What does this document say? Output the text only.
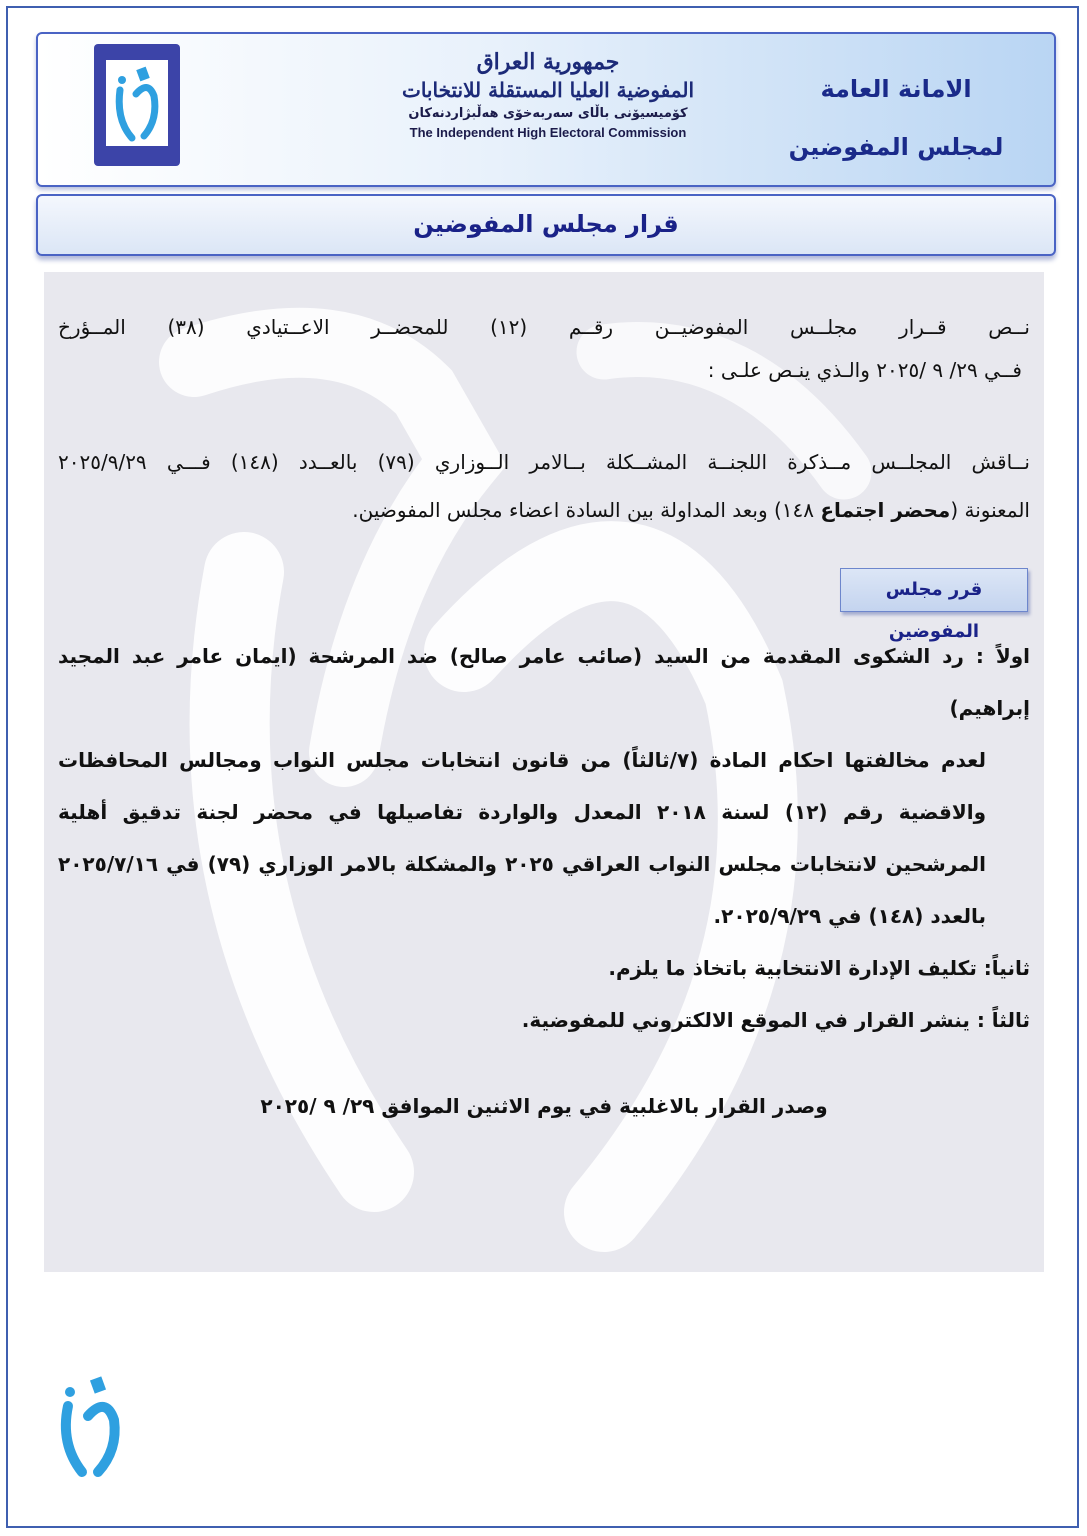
جمهورية العراق
المفوضية العليا المستقلة للانتخابات
كۆمیسیۆنی باڵای سەربەخۆی هەڵبژاردنەکان
The Independent High Electoral Commission
الامانة العامة
لمجلس المفوضين
قرار مجلس المفوضين
نــص قــرار مجلــس المفوضيــن رقــم (١٢) للمحضــر الاعــتيادي (٣٨) المــؤرخ
فــي ٢٩/ ٩ /٢٠٢٥ والـذي ينـص علـى :
نــاقش المجلــس مــذكرة اللجنــة المشــكلة بــالامر الــوزاري (٧٩) بالعــدد (١٤٨) فـــي ٢٠٢٥/٩/٢٩
المعنونة (محضر اجتماع ١٤٨) وبعد المداولة بين السادة اعضاء مجلس المفوضين.
قرر مجلس المفوضين
اولاً : رد الشكوى المقدمة من السيد (صائب عامر صالح) ضد المرشحة (ايمان عامر عبد المجيد إبراهيم)
لعدم مخالفتها احكام المادة (٧/ثالثاً) من قانون انتخابات مجلس النواب ومجالس المحافظات والاقضية رقم (١٢) لسنة ٢٠١٨ المعدل والواردة تفاصيلها في محضر لجنة تدقيق أهلية المرشحين لانتخابات مجلس النواب العراقي ٢٠٢٥ والمشكلة بالامر الوزاري (٧٩) في ٢٠٢٥/٧/١٦ بالعدد (١٤٨) في ٢٠٢٥/٩/٢٩.
ثانياً: تكليف الإدارة الانتخابية باتخاذ ما يلزم.
ثالثاً : ينشر القرار في الموقع الالكتروني للمفوضية.
وصدر القرار بالاغلبية في يوم الاثنين الموافق ٢٩/ ٩ /٢٠٢٥
